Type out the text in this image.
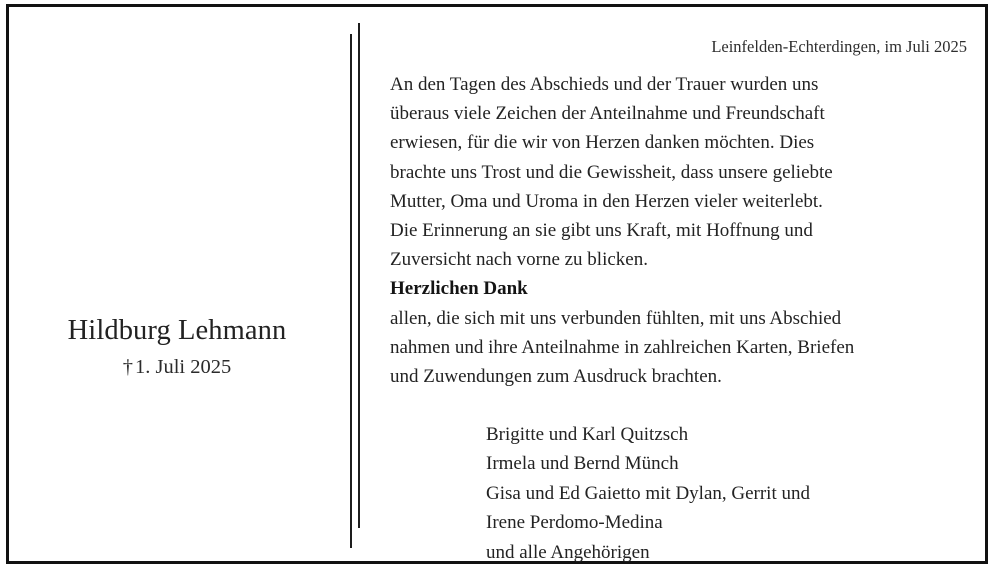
Hildburg Lehmann
†1. Juli 2025
Leinfelden-Echterdingen, im Juli 2025

An den Tagen des Abschieds und der Trauer wurden uns
überaus viele Zeichen der Anteilnahme und Freundschaft
erwiesen, für die wir von Herzen danken möchten. Dies
brachte uns Trost und die Gewissheit, dass unsere geliebte
Mutter, Oma und Uroma in den Herzen vieler weiterlebt.
Die Erinnerung an sie gibt uns Kraft, mit Hoffnung und
Zuversicht nach vorne zu blicken.

Herzlichen Dank
allen, die sich mit uns verbunden fühlten, mit uns Abschied
nahmen und ihre Anteilnahme in zahlreichen Karten, Briefen
und Zuwendungen zum Ausdruck brachten.

Brigitte und Karl Quitzsch
Irmela und Bernd Münch
Gisa und Ed Gaietto mit Dylan, Gerrit und
Irene Perdomo-Medina
und alle Angehörigen
